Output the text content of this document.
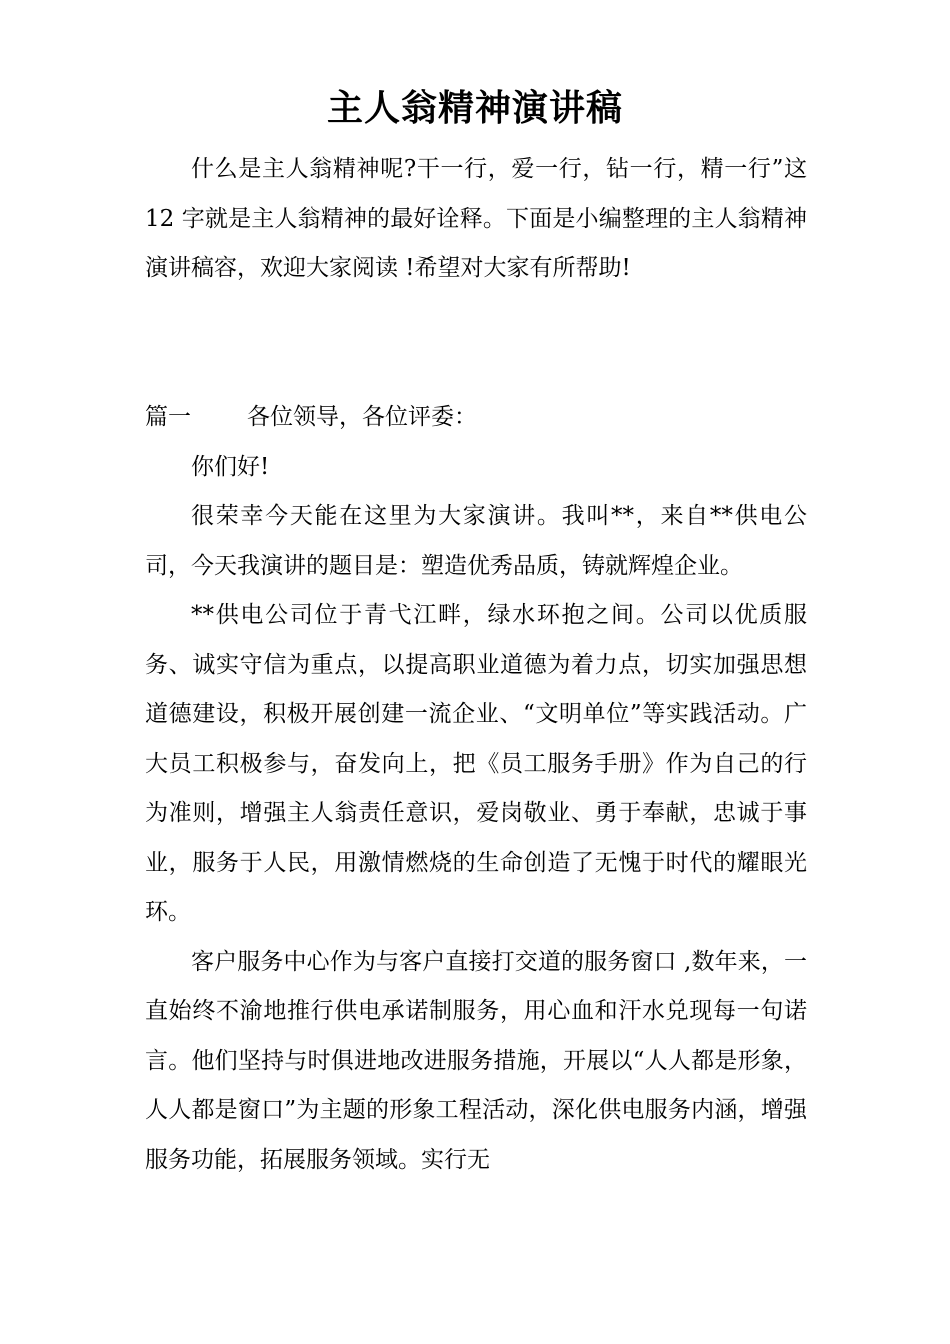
主人翁精神演讲稿

什么是主人翁精神呢?干一行，爱一行，钻一行，精一行”这 12 字就是主人翁精神的最好诠释。下面是小编整理的主人翁精神演讲稿容，欢迎大家阅读 !希望对大家有所帮助!

篇一 各位领导，各位评委：

你们好!

很荣幸今天能在这里为大家演讲。我叫**，来自**供电公司，今天我演讲的题目是：塑造优秀品质，铸就辉煌企业。

**供电公司位于青弋江畔，绿水环抱之间。公司以优质服务、诚实守信为重点，以提高职业道德为着力点，切实加强思想道德建设，积极开展创建一流企业、“文明单位”等实践活动。广大员工积极参与，奋发向上，把《员工服务手册》作为自己的行为准则，增强主人翁责任意识，爱岗敬业、勇于奉献，忠诚于事业，服务于人民，用激情燃烧的生命创造了无愧于时代的耀眼光环。

客户服务中心作为与客户直接打交道的服务窗口 ,数年来，一直始终不渝地推行供电承诺制服务，用心血和汗水兑现每一句诺言。他们坚持与时俱进地改进服务措施，开展以“人人都是形象，人人都是窗口”为主题的形象工程活动，深化供电服务内涵，增强服务功能，拓展服务领域。实行无
